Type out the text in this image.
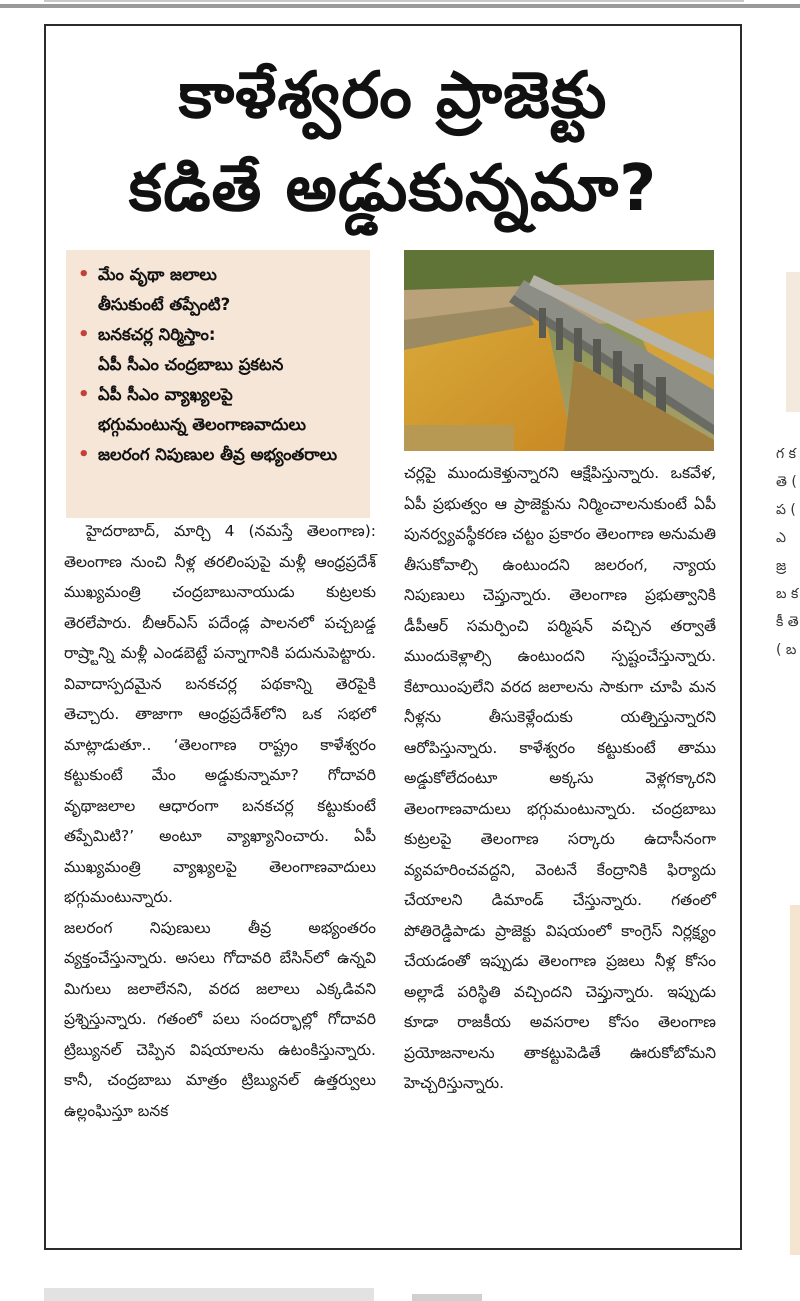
కాళేశ్వరం ప్రాజెక్టు
కడితే అడ్డుకున్నమా?
• మేం వృథా జలాలు
తీసుకుంటే తప్పేంటి?
• బనకచర్ల నిర్మిస్తాం:
ఏపీ సీఎం చంద్రబాబు ప్రకటన
• ఏపీ సీఎం వ్యాఖ్యలపై
భగ్గుమంటున్న తెలంగాణవాదులు
• జలరంగ నిపుణుల తీవ్ర అభ్యంతరాలు

హైదరాబాద్, మార్చి 4 (నమస్తే తెలంగాణ): తెలంగాణ నుంచి నీళ్ల తరలింపుపై మళ్లీ ఆంధ్రప్రదేశ్ ముఖ్యమంత్రి చంద్రబాబునాయుడు కుట్రలకు తెరలేపారు. బీఆర్ఎస్ పదేండ్ల పాలనలో పచ్చబడ్డ రాష్ర్టాన్ని మళ్లీ ఎండబెట్టే పన్నాగానికి పదునుపెట్టారు. వివాదాస్పదమైన బనకచర్ల పథకాన్ని తెరపైకి తెచ్చారు. తాజాగా ఆంధ్రప్రదేశ్‌లోని ఒక సభలో మాట్లాడుతూ.. ‘తెలంగాణ రాష్ట్రం కాళేశ్వరం కట్టుకుంటే మేం అడ్డుకున్నామా? గోదావరి వృథాజలాల ఆధారంగా బనకచర్ల కట్టుకుంటే తప్పేమిటి?’ అంటూ వ్యాఖ్యానించారు. ఏపీ ముఖ్యమంత్రి వ్యాఖ్యలపై తెలంగాణవాదులు భగ్గుమంటున్నారు.

జలరంగ నిపుణులు తీవ్ర అభ్యంతరం వ్యక్తంచేస్తున్నారు. అసలు గోదావరి బేసిన్‌లో ఉన్నవి మిగులు జలాలేనని, వరద జలాలు ఎక్కడివని ప్రశ్నిస్తున్నారు. గతంలో పలు సందర్భాల్లో గోదావరి ట్రిబ్యునల్ చెప్పిన విషయాలను ఉటంకిస్తున్నారు. కానీ, చంద్రబాబు మాత్రం ట్రిబ్యునల్ ఉత్తర్వులు ఉల్లంఘిస్తూ బనక

చర్లపై ముందుకెళ్తున్నారని ఆక్షేపిస్తున్నారు. ఒకవేళ, ఏపీ ప్రభుత్వం ఆ ప్రాజెక్టును నిర్మించాలనుకుంటే ఏపీ పునర్వ్యవస్థీకరణ చట్టం ప్రకారం తెలంగాణ అనుమతి తీసుకోవాల్సి ఉంటుందని జలరంగ, న్యాయ నిపుణులు చెప్తున్నారు. తెలంగాణ ప్రభుత్వానికి డీపీఆర్ సమర్పించి పర్మిషన్ వచ్చిన తర్వాతే ముందుకెళ్లాల్సి ఉంటుందని స్పష్టంచేస్తున్నారు. కేటాయింపులేని వరద జలాలను సాకుగా చూపి మన నీళ్లను తీసుకెళ్లేందుకు యత్నిస్తున్నారని ఆరోపిస్తున్నారు. కాళేశ్వరం కట్టుకుంటే తాము అడ్డుకోలేదంటూ అక్కసు వెళ్లగక్కారని తెలంగాణవాదులు భగ్గుమంటున్నారు. చంద్రబాబు కుట్రలపై తెలంగాణ సర్కారు ఉదాసీనంగా వ్యవహరించవద్దని, వెంటనే కేంద్రానికి ఫిర్యాదు చేయాలని డిమాండ్ చేస్తున్నారు. గతంలో పోతిరెడ్డిపాడు ప్రాజెక్టు విషయంలో కాంగ్రెస్ నిర్లక్ష్యం చేయడంతో ఇప్పుడు తెలంగాణ ప్రజలు నీళ్ల కోసం అల్లాడే పరిస్థితి వచ్చిందని చెప్తున్నారు. ఇప్పుడు కూడా రాజకీయ అవసరాల కోసం తెలంగాణ ప్రయోజనాలను తాకట్టుపెడితే ఊరుకోబోమని హెచ్చరిస్తున్నారు.

గ క తె ( ప ( ఎ జ్ర బ క కీ తె ( బ
